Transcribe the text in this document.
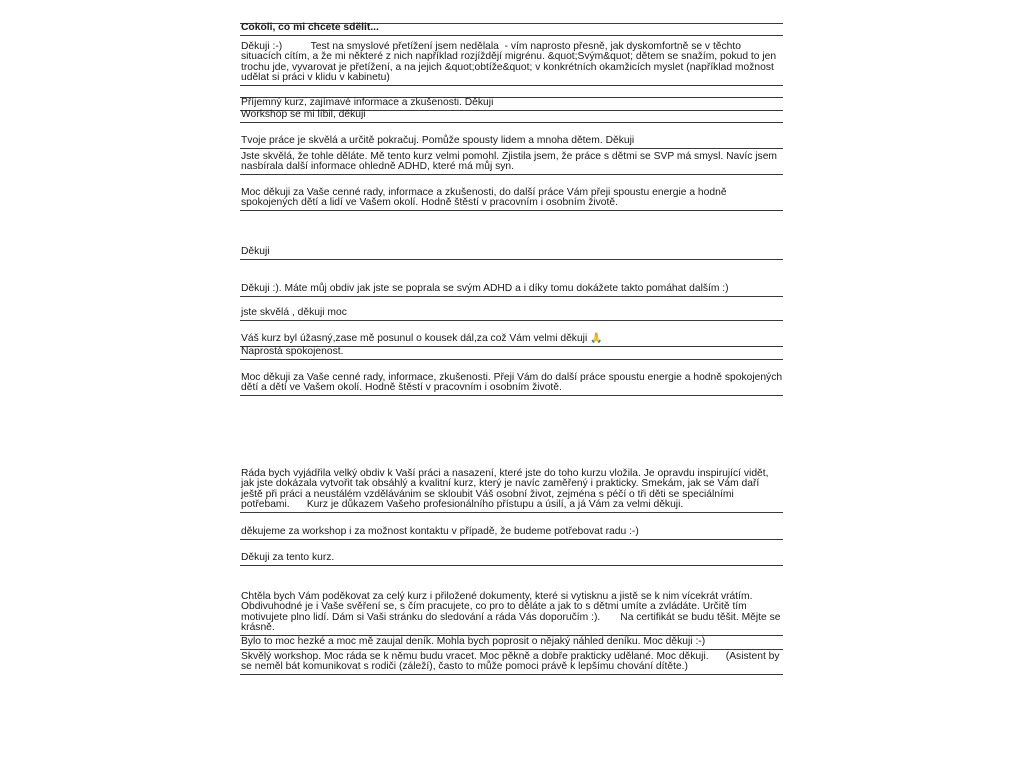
Cokoli, co mi chcete sdělit...
Děkuji :-)          Test na smyslové přetížení jsem nedělala  - vím naprosto přesně, jak dyskomfortně se v těchto situacích cítím, a že mi některé z nich například rozjíždějí migrénu. &quot;Svým&quot; dětem se snažím, pokud to jen trochu jde, vyvarovat je přetížení, a na jejich &quot;obtíže&quot; v konkrétních okamžicích myslet (například možnost udělat si práci v klidu v kabinetu)
Příjemný kurz, zajímavé informace a zkušenosti. Děkuji
Workshop se mi líbil, děkuji
Tvoje práce je skvělá a určitě pokračuj. Pomůže spousty lidem a mnoha dětem. Děkuji
Jste skvělá, že tohle děláte. Mě tento kurz velmi pomohl. Zjistila jsem, že práce s dětmi se SVP má smysl. Navíc jsem nasbírala další informace ohledně ADHD, které má můj syn.
Moc děkuji za Vaše cenné rady, informace a zkušenosti, do další práce Vám přeji spoustu energie a hodně spokojených dětí a lidí ve Vašem okolí. Hodně štěstí v pracovním i osobním životě.
Děkuji
Děkuji :). Máte můj obdiv jak jste se poprala se svým ADHD a i díky tomu dokážete takto pomáhat dalším :)
jste skvělá , děkuji moc
Váš kurz byl úžasný,zase mě posunul o kousek dál,za což Vám velmi děkuji 🙏
Naprostá spokojenost.
Moc děkuji za Vaše cenné rady, informace, zkušenosti. Přeji Vám do další práce spoustu energie a hodně spokojených dětí a dětí ve Vašem okolí. Hodně štěstí v pracovním i osobním životě.
Ráda bych vyjádřila velký obdiv k Vaší práci a nasazení, které jste do toho kurzu vložila. Je opravdu inspirující vidět, jak jste dokázala vytvořit tak obsáhlý a kvalitní kurz, který je navíc zaměřený i prakticky. Smekám, jak se Vám daří ještě při práci a neustálém vzdělávánim se skloubit Váš osobní život, zejména s péčí o tři děti se speciálními potřebami.      Kurz je důkazem Vašeho profesionálního přístupu a úsilí, a já Vám za velmi děkuji.
děkujeme za workshop i za možnost kontaktu v případě, že budeme potřebovat radu :-)
Děkuji za tento kurz.
Chtěla bych Vám poděkovat za celý kurz i přiložené dokumenty, které si vytisknu a jistě se k nim vícekrát vrátím. Obdivuhodné je i Vaše svěření se, s čím pracujete, co pro to děláte a jak to s dětmi umíte a zvládáte. Určitě tím motivujete plno lidí. Dám si Vaši stránku do sledování a ráda Vás doporučím :).       Na certifikát se budu těšit. Mějte se krásně.
Bylo to moc hezké a moc mě zaujal deník. Mohla bych poprosit o nějaký náhled deníku. Moc děkuji :-)
Skvělý workshop. Moc ráda se k němu budu vracet. Moc pěkně a dobře prakticky udělané. Moc děkuji.      (Asistent by se neměl bát komunikovat s rodiči (záleží), často to může pomoci právě k lepšímu chování dítěte.)
